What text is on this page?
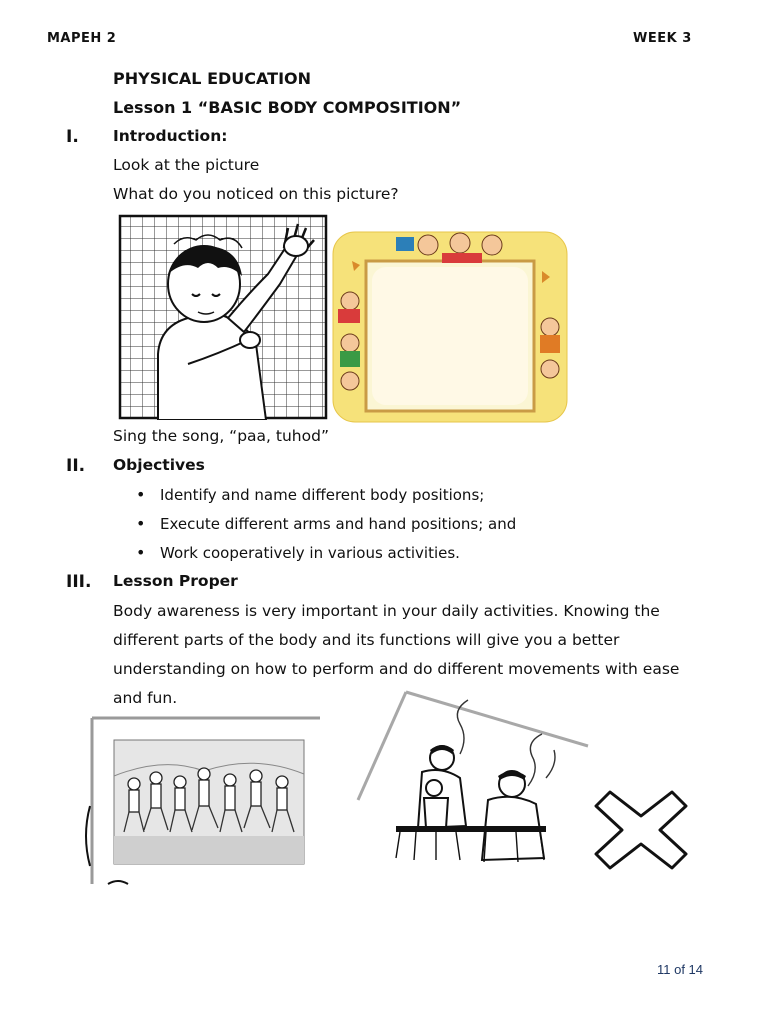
MAPEH 2	WEEK 3
PHYSICAL EDUCATION
Lesson 1 “BASIC BODY COMPOSITION”
I. Introduction:
Look at the picture
What do you noticed on this picture?
Sing the song, “paa, tuhod”
II. Objectives
• Identify and name different body positions;
• Execute different arms and hand positions; and
• Work cooperatively in various activities.
III. Lesson Proper
Body awareness is very important in your daily activities. Knowing the
different parts of the body and its functions will give you a better
understanding on how to perform and do different movements with ease
and fun.
11 of 14
